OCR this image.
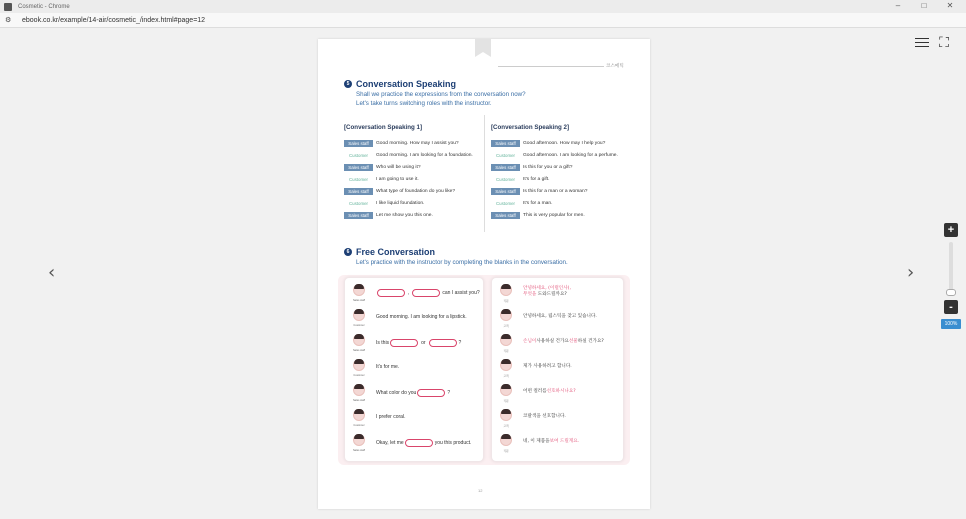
Cosmetic - Chrome	–	□	✕
⚙	ebook.co.kr/example/14-air/cosmetic_/index.html#page=12
⛶
‹	›
+
-
100%
코스메틱
5 Conversation Speaking
Shall we practice the expressions from the conversation now?
Let's take turns switching roles with the instructor.
[Conversation Speaking 1]
Sales staff	Good morning. How may I assist you?
Customer	Good morning. I am looking for a foundation.
Sales staff	Who will be using it?
Customer	I am going to use it.
Sales staff	What type of foundation do you like?
Customer	I like liquid foundation.
Sales staff	Let me show you this one.
[Conversation Speaking 2]
Sales staff	Good afternoon. How may I help you?
Customer	Good afternoon. I am looking for a perfume.
Sales staff	Is this for you or a gift?
Customer	It's for a gift.
Sales staff	Is this for a man or a woman?
Customer	It's for a man.
Sales staff	This is very popular for men.
6 Free Conversation
Let's practice with the instructor by completing the blanks in the conversation.
Sales staff
,	can I assist you?
Customer
Good morning. I am looking for a lipstick.
Sales staff
Is this	or	?
Customer
It's for me.
Sales staff
What color do you	?
Customer
I prefer coral.
Sales staff
Okay, let me	you this product.
직원
안녕하세요, (이럴인사),
무엇을 도와드릴까요?
고객
안녕하세요, 립스틱을 찾고 있습니다.
직원
손님이 사용하실 건가요 선물 하실 건가요?
고객
제가 사용하려고 합니다.
직원
어떤 컬러를 선호하시나요?
고객
코랄색을 선호합니다.
직원
네, 이 제품을 보여 드릴게요.
12
